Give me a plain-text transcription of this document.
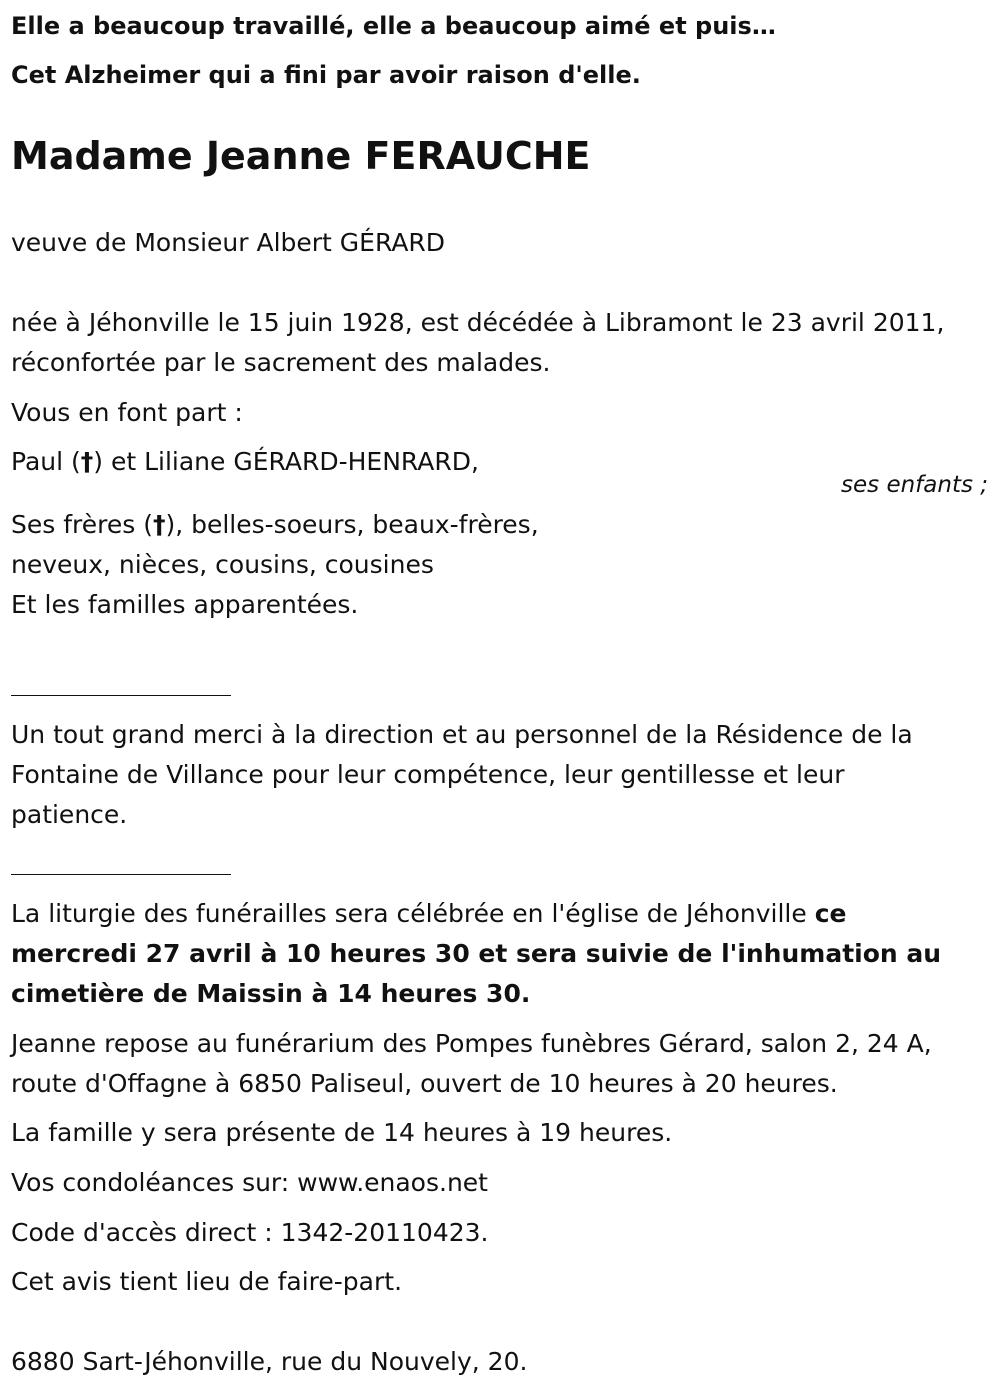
Elle a beaucoup travaillé, elle a beaucoup aimé et puis…
Cet Alzheimer qui a fini par avoir raison d'elle.
Madame Jeanne FERAUCHE
veuve de Monsieur Albert GÉRARD
née à Jéhonville le 15 juin 1928, est décédée à Libramont le 23 avril 2011,
réconfortée par le sacrement des malades.
Vous en font part :
Paul (†) et Liliane GÉRARD-HENRARD,
ses enfants ;
Ses frères (†), belles-soeurs, beaux-frères,
neveux, nièces, cousins, cousines
Et les familles apparentées.
Un tout grand merci à la direction et au personnel de la Résidence de la
Fontaine de Villance pour leur compétence, leur gentillesse et leur
patience.
La liturgie des funérailles sera célébrée en l'église de Jéhonville ce
mercredi 27 avril à 10 heures 30 et sera suivie de l'inhumation au
cimetière de Maissin à 14 heures 30.
Jeanne repose au funérarium des Pompes funèbres Gérard, salon 2, 24 A,
route d'Offagne à 6850 Paliseul, ouvert de 10 heures à 20 heures.
La famille y sera présente de 14 heures à 19 heures.
Vos condoléances sur: www.enaos.net
Code d'accès direct : 1342-20110423.
Cet avis tient lieu de faire-part.
6880 Sart-Jéhonville, rue du Nouvely, 20.
